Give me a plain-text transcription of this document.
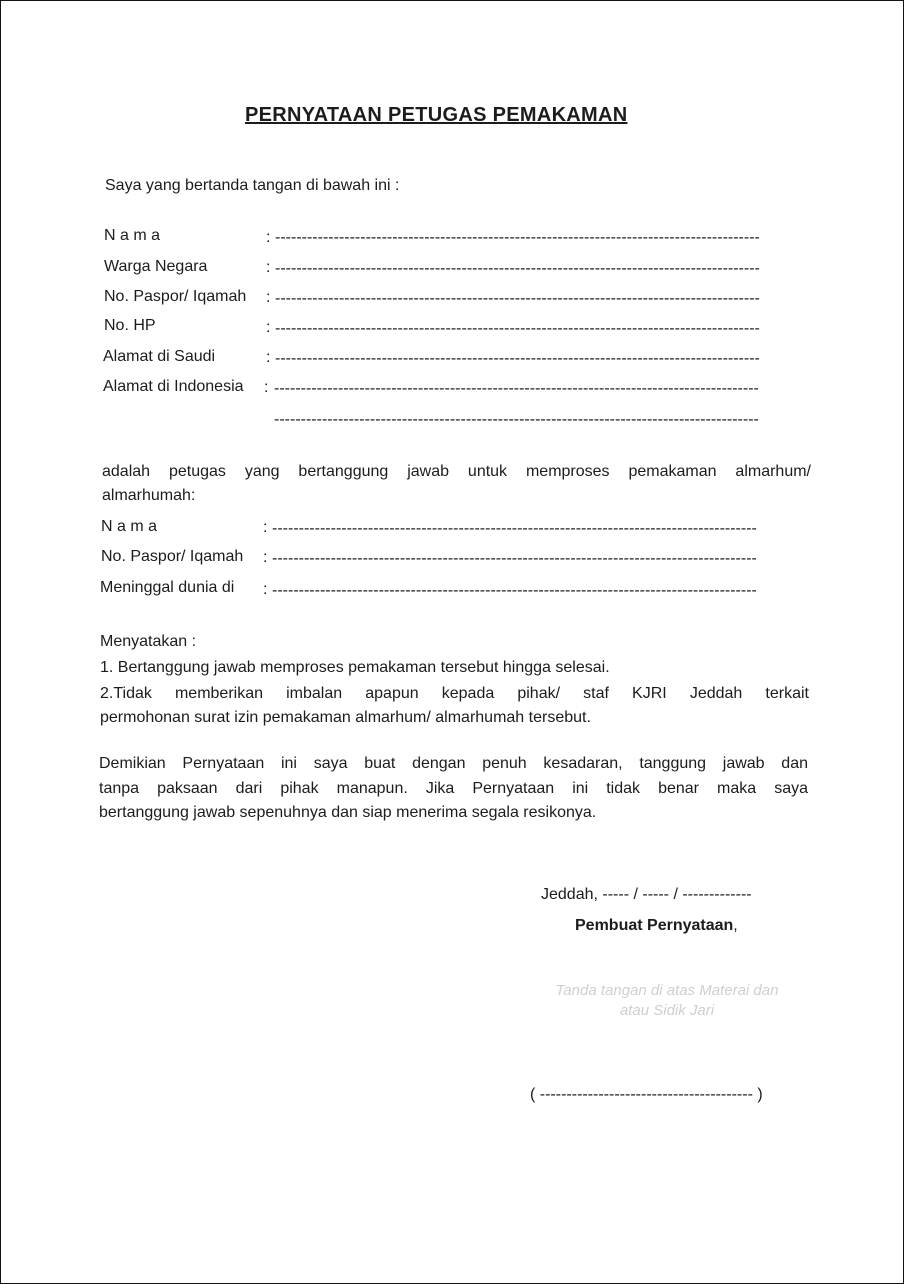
PERNYATAAN PETUGAS PEMAKAMAN
Saya yang bertanda tangan di bawah ini :
N a m a	: -------------------------------------------------------------------------------------------
Warga Negara	: -------------------------------------------------------------------------------------------
No. Paspor/ Iqamah	: -------------------------------------------------------------------------------------------
No. HP	: -------------------------------------------------------------------------------------------
Alamat di Saudi	: -------------------------------------------------------------------------------------------
Alamat di Indonesia	: -------------------------------------------------------------------------------------------
-------------------------------------------------------------------------------------------
adalah petugas yang bertanggung jawab untuk memproses pemakaman almarhum/
almarhumah:
N a m a	: -------------------------------------------------------------------------------------------
No. Paspor/ Iqamah	: -------------------------------------------------------------------------------------------
Meninggal dunia di	: -------------------------------------------------------------------------------------------
Menyatakan :
1. Bertanggung jawab memproses pemakaman tersebut hingga selesai.
2.Tidak memberikan imbalan apapun kepada pihak/ staf KJRI Jeddah terkait
permohonan surat izin pemakaman almarhum/ almarhumah tersebut.
Demikian Pernyataan ini saya buat dengan penuh kesadaran, tanggung jawab dan
tanpa paksaan dari pihak manapun. Jika Pernyataan ini tidak benar maka saya
bertanggung jawab sepenuhnya dan siap menerima segala resikonya.
Jeddah, ----- / ----- / -------------
Pembuat Pernyataan,
Tanda tangan di atas Materai dan
atau Sidik Jari
( ---------------------------------------- )
